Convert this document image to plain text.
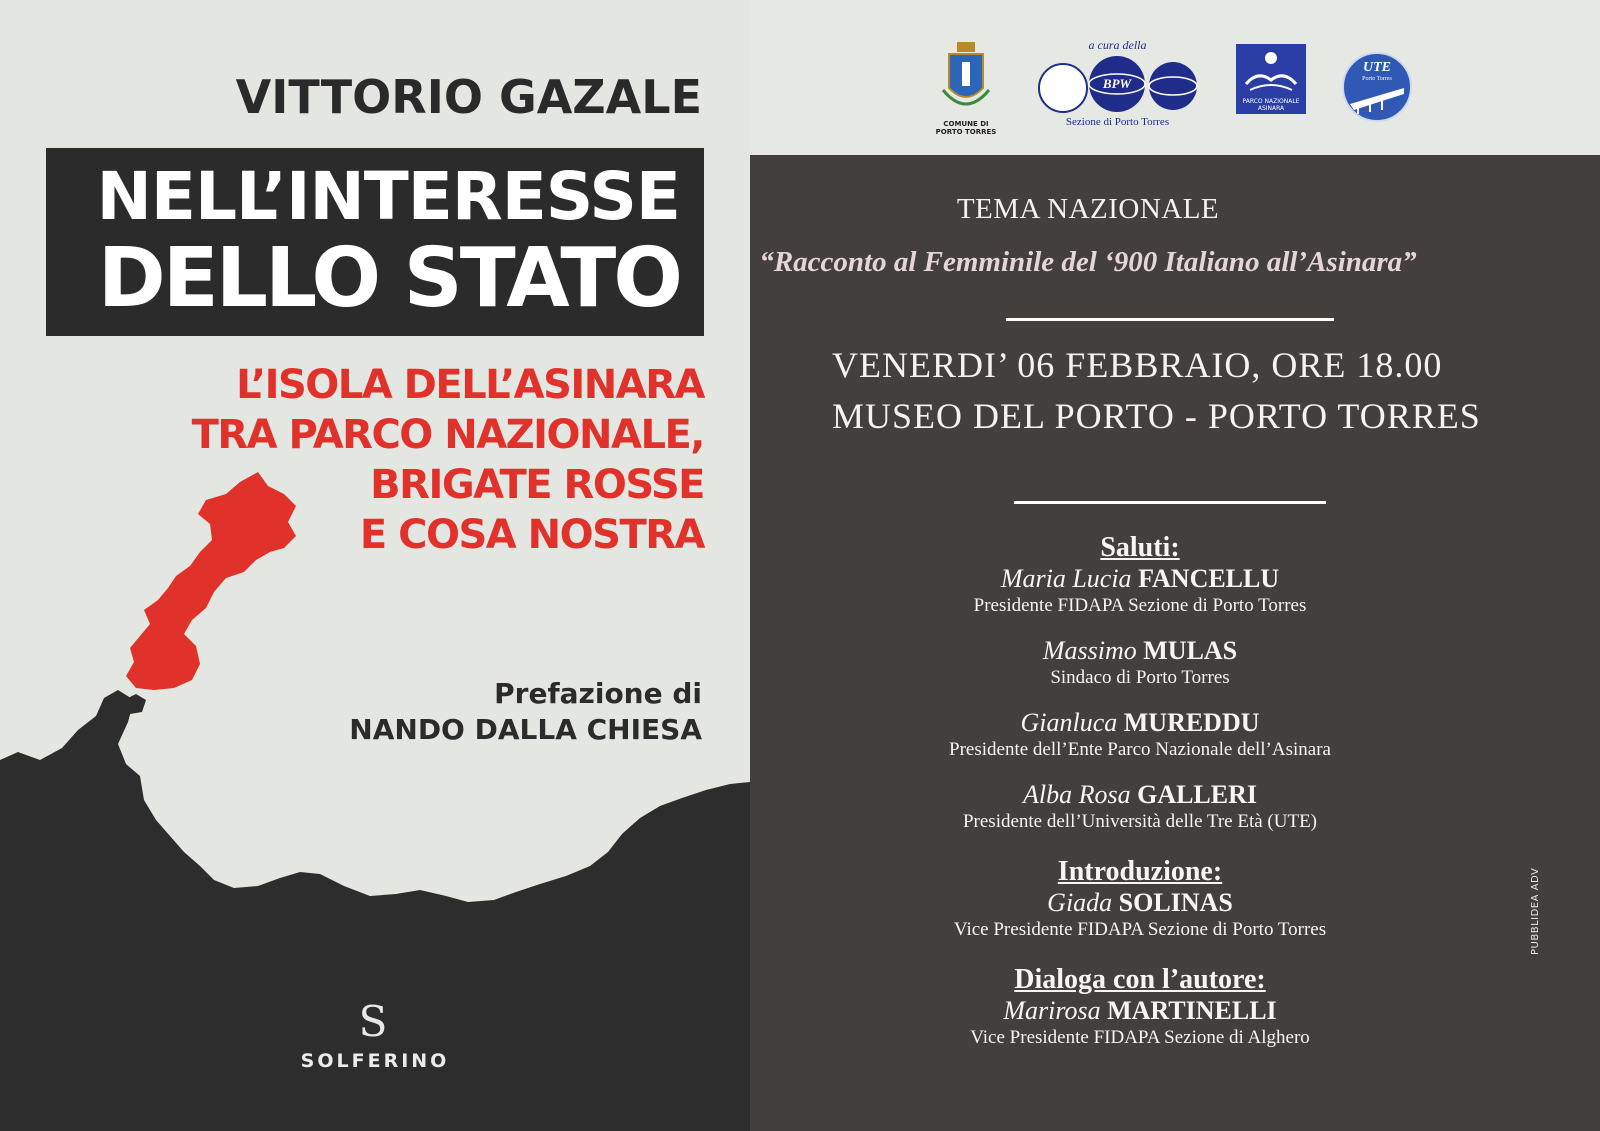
VITTORIO GAZALE
NELL’INTERESSE
DELLO STATO
L’ISOLA DELL’ASINARA
TRA PARCO NAZIONALE,
BRIGATE ROSSE
E COSA NOSTRA
Prefazione di
NANDO DALLA CHIESA
S
SOLFERINO
COMUNE DI
PORTO TORRES
a cura della
BPW
Sezione di Porto Torres
PARCO NAZIONALE
ASINARA
UTE
Porto Torres
TEMA NAZIONALE
“Racconto al Femminile del ‘900 Italiano all’Asinara”
VENERDI’ 06 FEBBRAIO, ORE 18.00
MUSEO DEL PORTO - PORTO TORRES
Saluti:
Maria Lucia FANCELLU
Presidente FIDAPA Sezione di Porto Torres
Massimo MULAS
Sindaco di Porto Torres
Gianluca MUREDDU
Presidente dell’Ente Parco Nazionale dell’Asinara
Alba Rosa GALLERI
Presidente dell’Università delle Tre Età (UTE)
Introduzione:
Giada SOLINAS
Vice Presidente FIDAPA Sezione di Porto Torres
Dialoga con l’autore:
Marirosa MARTINELLI
Vice Presidente FIDAPA Sezione di Alghero
PUBBLIDEA ADV
